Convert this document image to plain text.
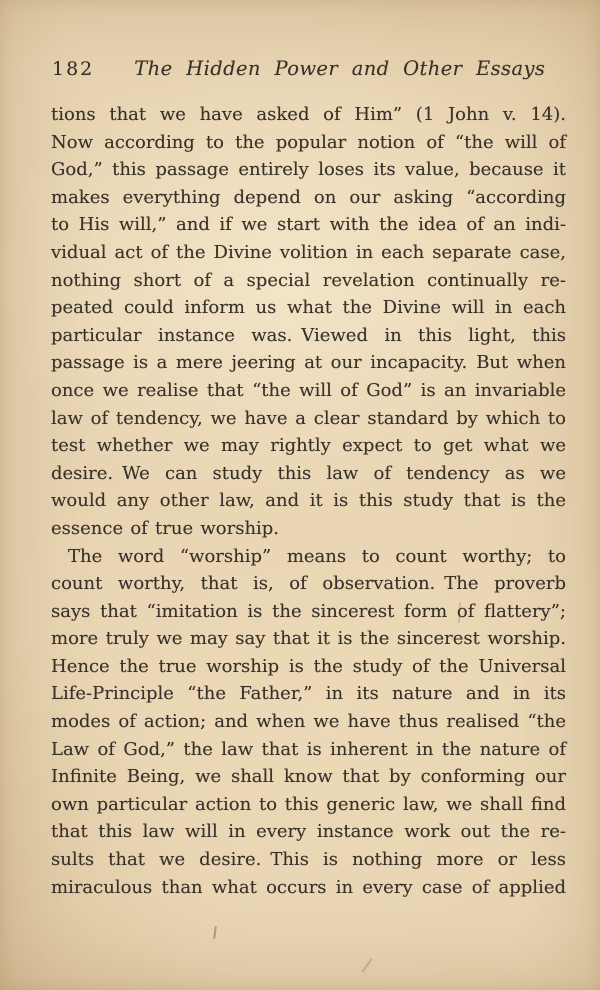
182 The Hidden Power and Other Essays
tions that we have asked of Him” (1 John v. 14).
Now according to the popular notion of “the will of
God,” this passage entirely loses its value, because it
makes everything depend on our asking “according
to His will,” and if we start with the idea of an indi-
vidual act of the Divine volition in each separate case,
nothing short of a special revelation continually re-
peated could inform us what the Divine will in each
particular instance was. Viewed in this light, this
passage is a mere jeering at our incapacity. But when
once we realise that “the will of God” is an invariable
law of tendency, we have a clear standard by which to
test whether we may rightly expect to get what we
desire. We can study this law of tendency as we
would any other law, and it is this study that is the
essence of true worship.
The word “worship” means to count worthy; to
count worthy, that is, of observation. The proverb
says that “imitation is the sincerest form of flattery”;
more truly we may say that it is the sincerest worship.
Hence the true worship is the study of the Universal
Life-Principle “the Father,” in its nature and in its
modes of action; and when we have thus realised “the
Law of God,” the law that is inherent in the nature of
Infinite Being, we shall know that by conforming our
own particular action to this generic law, we shall find
that this law will in every instance work out the re-
sults that we desire. This is nothing more or less
miraculous than what occurs in every case of applied
